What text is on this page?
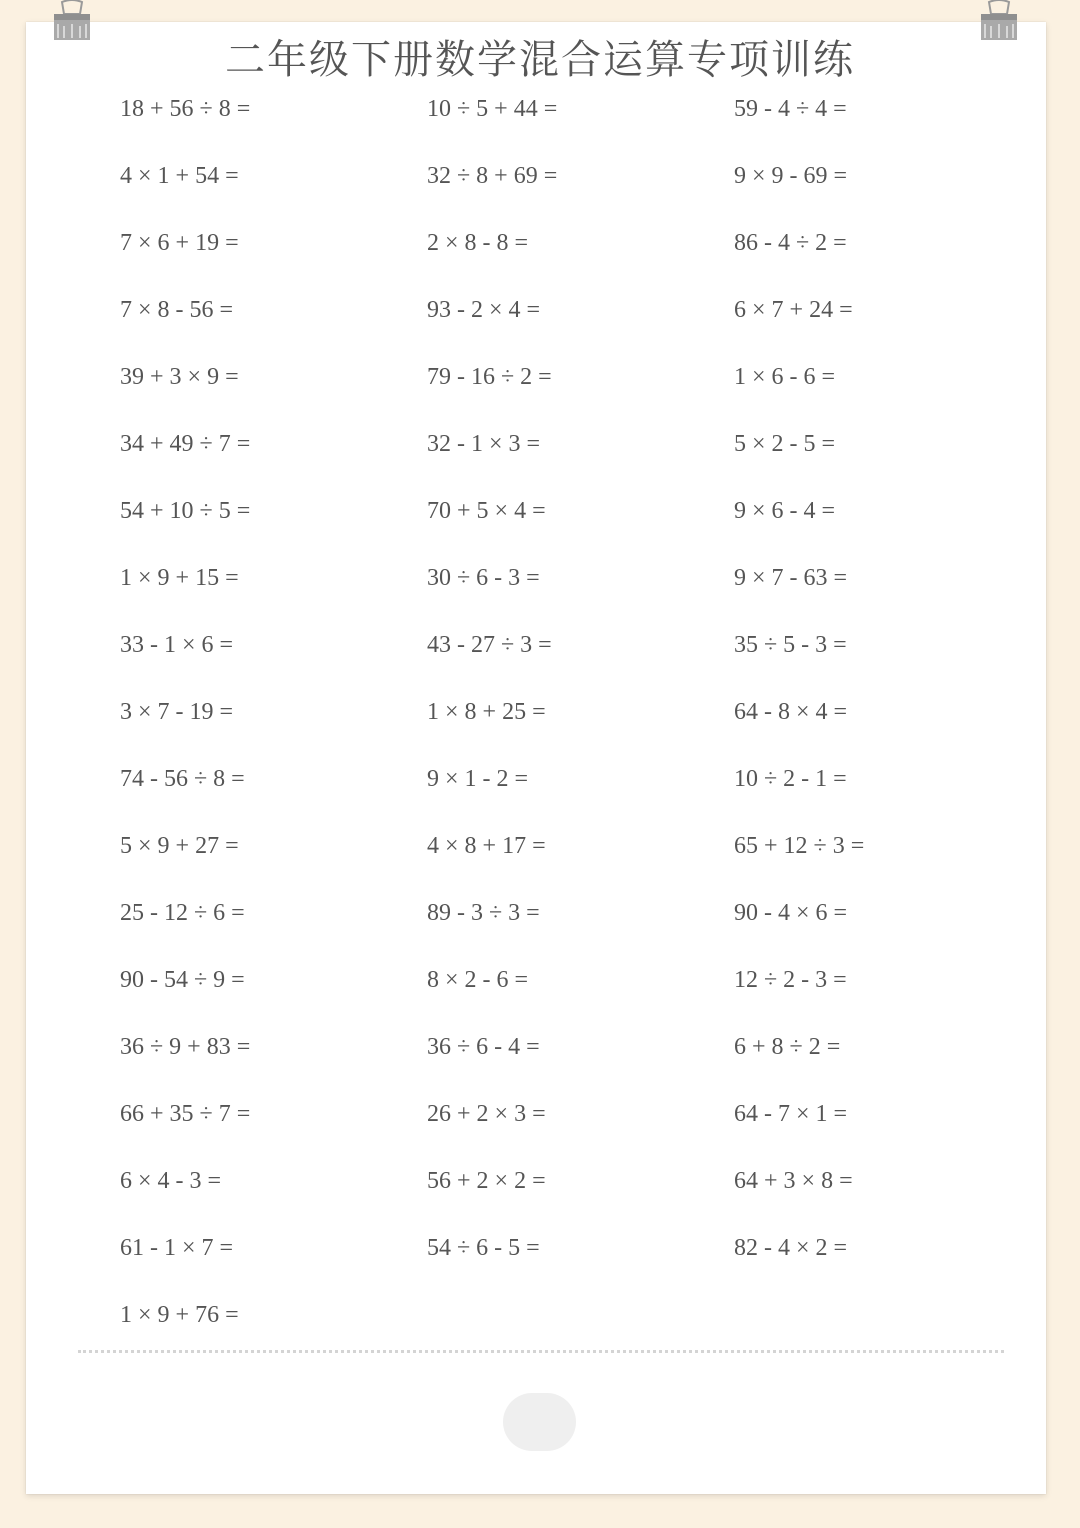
二年级下册数学混合运算专项训练
18 + 56 ÷ 8 =	10 ÷ 5 + 44 =	59 - 4 ÷ 4 =
4 × 1 + 54 =	32 ÷ 8 + 69 =	9 × 9 - 69 =
7 × 6 + 19 =	2 × 8 - 8 =	86 - 4 ÷ 2 =
7 × 8 - 56 =	93 - 2 × 4 =	6 × 7 + 24 =
39 + 3 × 9 =	79 - 16 ÷ 2 =	1 × 6 - 6 =
34 + 49 ÷ 7 =	32 - 1 × 3 =	5 × 2 - 5 =
54 + 10 ÷ 5 =	70 + 5 × 4 =	9 × 6 - 4 =
1 × 9 + 15 =	30 ÷ 6 - 3 =	9 × 7 - 63 =
33 - 1 × 6 =	43 - 27 ÷ 3 =	35 ÷ 5 - 3 =
3 × 7 - 19 =	1 × 8 + 25 =	64 - 8 × 4 =
74 - 56 ÷ 8 =	9 × 1 - 2 =	10 ÷ 2 - 1 =
5 × 9 + 27 =	4 × 8 + 17 =	65 + 12 ÷ 3 =
25 - 12 ÷ 6 =	89 - 3 ÷ 3 =	90 - 4 × 6 =
90 - 54 ÷ 9 =	8 × 2 - 6 =	12 ÷ 2 - 3 =
36 ÷ 9 + 83 =	36 ÷ 6 - 4 =	6 + 8 ÷ 2 =
66 + 35 ÷ 7 =	26 + 2 × 3 =	64 - 7 × 1 =
6 × 4 - 3 =	56 + 2 × 2 =	64 + 3 × 8 =
61 - 1 × 7 =	54 ÷ 6 - 5 =	82 - 4 × 2 =
1 × 9 + 76 =
